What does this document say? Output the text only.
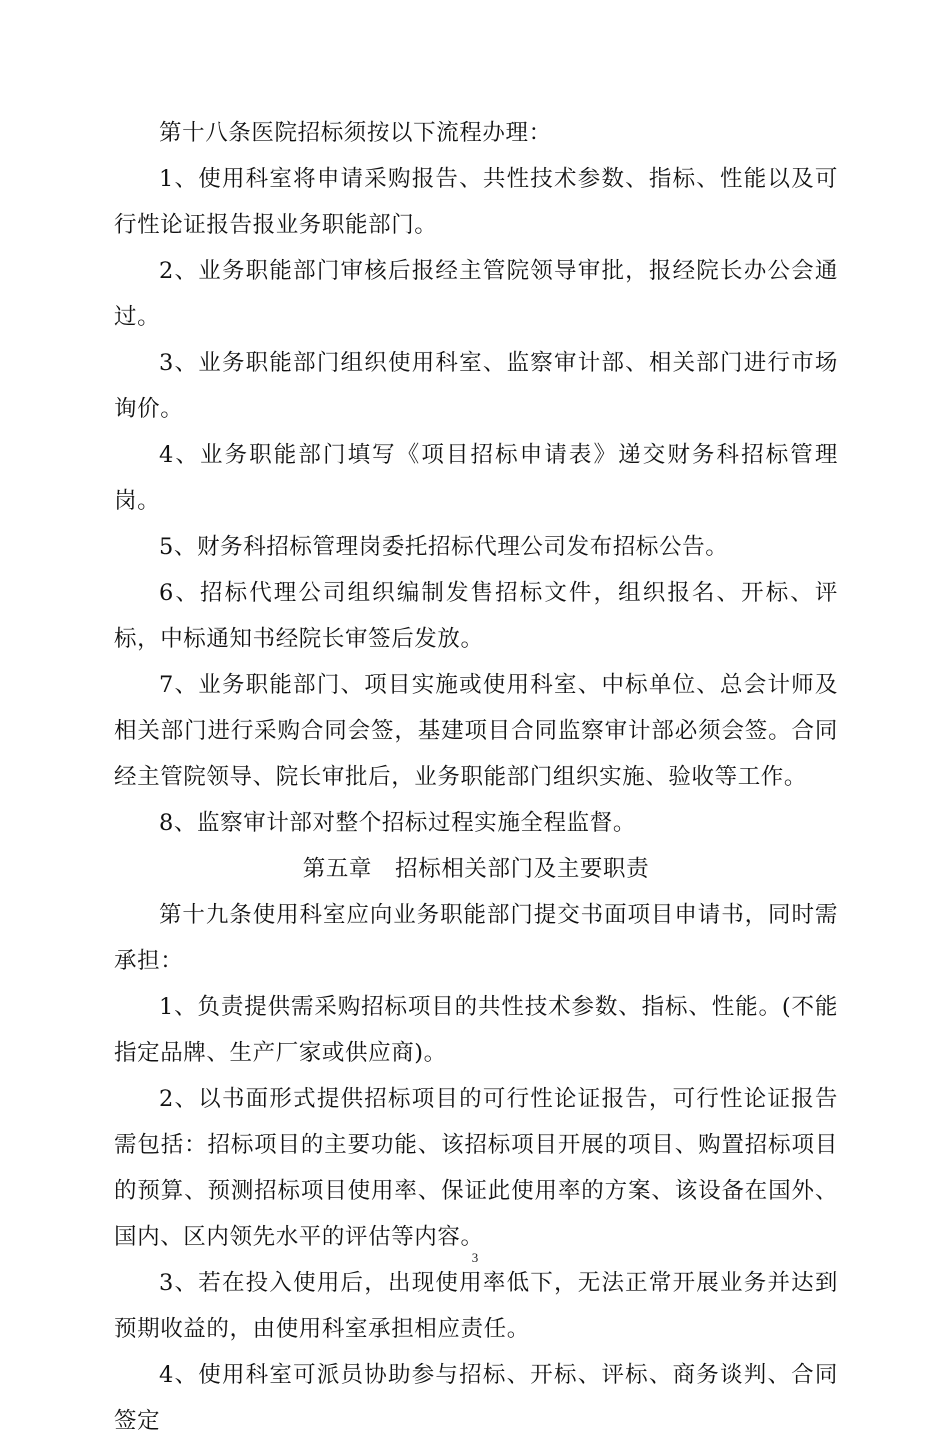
第十八条医院招标须按以下流程办理：

1、使用科室将申请采购报告、共性技术参数、指标、性能以及可行性论证报告报业务职能部门。

2、业务职能部门审核后报经主管院领导审批，报经院长办公会通过。

3、业务职能部门组织使用科室、监察审计部、相关部门进行市场询价。

4、业务职能部门填写《项目招标申请表》递交财务科招标管理岗。

5、财务科招标管理岗委托招标代理公司发布招标公告。

6、招标代理公司组织编制发售招标文件，组织报名、开标、评标，中标通知书经院长审签后发放。

7、业务职能部门、项目实施或使用科室、中标单位、总会计师及相关部门进行采购合同会签，基建项目合同监察审计部必须会签。合同经主管院领导、院长审批后，业务职能部门组织实施、验收等工作。

8、监察审计部对整个招标过程实施全程监督。

第五章　招标相关部门及主要职责

第十九条使用科室应向业务职能部门提交书面项目申请书，同时需承担：

1、负责提供需采购招标项目的共性技术参数、指标、性能。(不能指定品牌、生产厂家或供应商)。

2、以书面形式提供招标项目的可行性论证报告，可行性论证报告需包括：招标项目的主要功能、该招标项目开展的项目、购置招标项目的预算、预测招标项目使用率、保证此使用率的方案、该设备在国外、国内、区内领先水平的评估等内容。

3、若在投入使用后，出现使用率低下，无法正常开展业务并达到预期收益的，由使用科室承担相应责任。

4、使用科室可派员协助参与招标、开标、评标、商务谈判、合同签定

3
